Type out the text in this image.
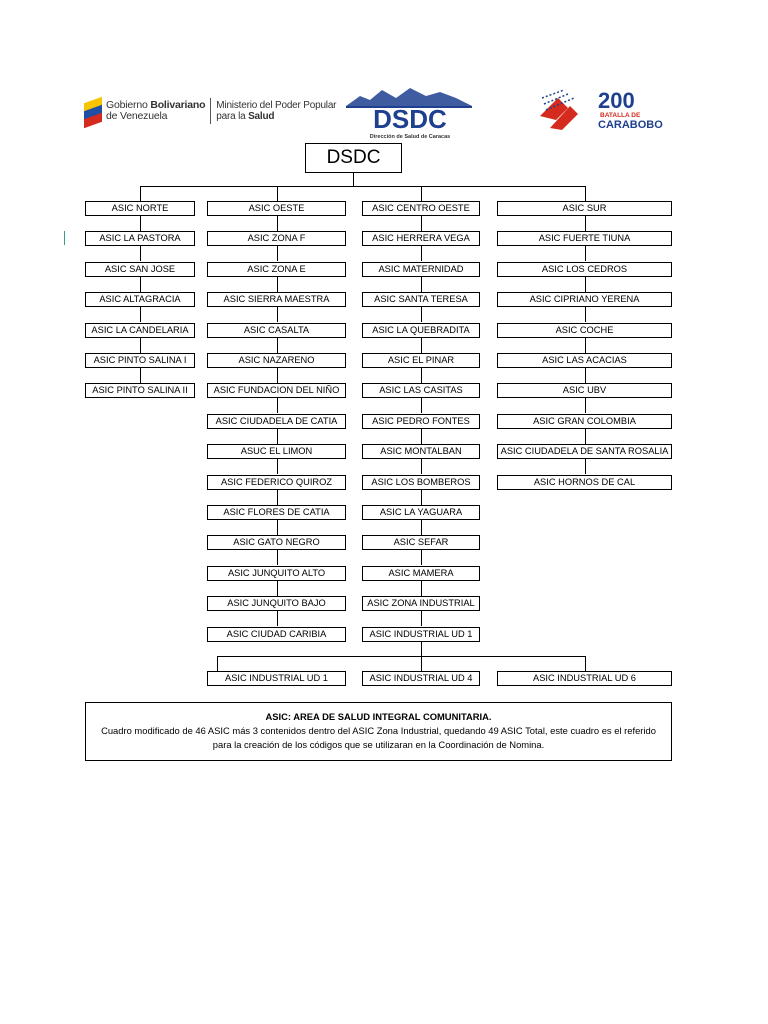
Gobierno Bolivariano
de Venezuela
Ministerio del Poder Popular
para la Salud	DSDC
Dirección de Salud de Caracas
200
BATALLA DE
CARABOBO
DSDC
ASIC NORTE
ASIC LA PASTORA
ASIC SAN JOSE
ASIC ALTAGRACIA
ASIC LA CANDELARIA
ASIC PINTO SALINA I
ASIC PINTO SALINA II
ASIC OESTE
ASIC ZONA F
ASIC ZONA E
ASIC SIERRA MAESTRA
ASIC CASALTA
ASIC NAZARENO
ASIC FUNDACION DEL NIÑO
ASIC CIUDADELA DE CATIA
ASUC EL LIMON
ASIC FEDERICO QUIROZ
ASIC FLORES DE CATIA
ASIC GATO NEGRO
ASIC JUNQUITO ALTO
ASIC JUNQUITO BAJO
ASIC CIUDAD CARIBIA
ASIC CENTRO OESTE
ASIC HERRERA VEGA
ASIC MATERNIDAD
ASIC SANTA TERESA
ASIC LA QUEBRADITA
ASIC EL PINAR
ASIC LAS CASITAS
ASIC PEDRO FONTES
ASIC MONTALBAN
ASIC LOS BOMBEROS
ASIC LA YAGUARA
ASIC SEFAR
ASIC MAMERA
ASIC ZONA INDUSTRIAL
ASIC INDUSTRIAL UD 1
ASIC SUR
ASIC FUERTE TIUNA
ASIC LOS CEDROS
ASIC CIPRIANO YERENA
ASIC COCHE
ASIC LAS ACACIAS
ASIC UBV
ASIC GRAN COLOMBIA
ASIC CIUDADELA DE SANTA ROSALIA
ASIC HORNOS DE CAL
ASIC INDUSTRIAL UD 1	ASIC INDUSTRIAL UD 4	ASIC INDUSTRIAL UD 6
ASIC: AREA DE SALUD INTEGRAL COMUNITARIA.
Cuadro modificado de 46 ASIC más 3 contenidos dentro del ASIC Zona Industrial, quedando 49 ASIC Total, este cuadro es el referido
para la creación de los códigos que se utilizaran en la Coordinación de Nomina.
